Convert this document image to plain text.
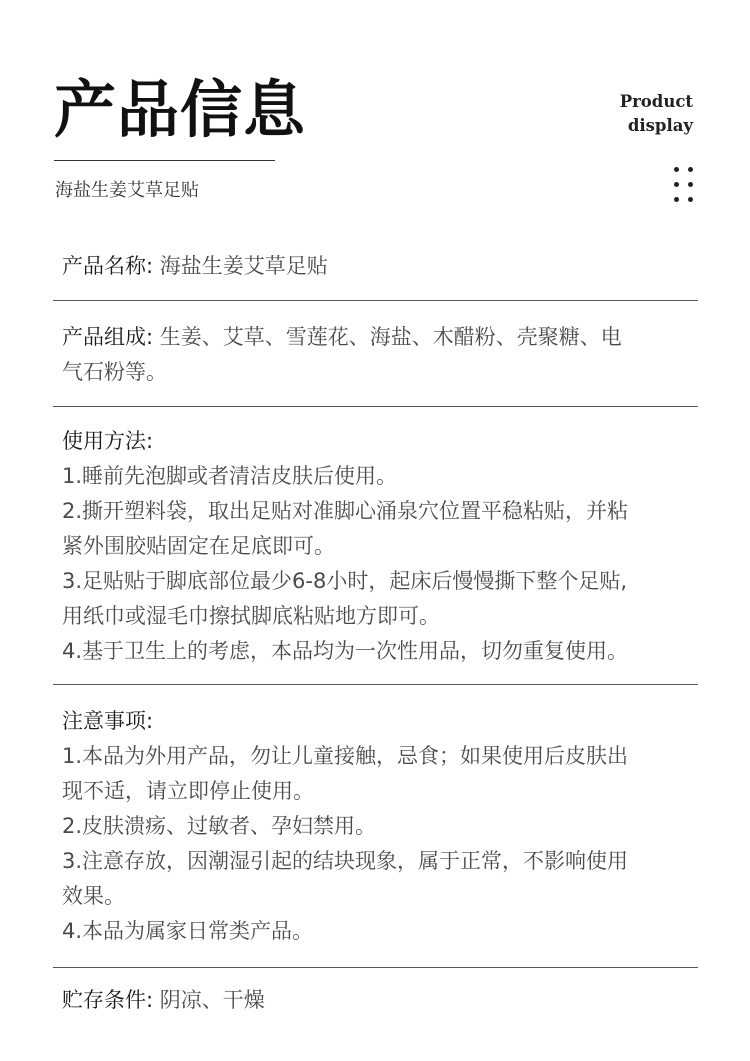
产品信息
海盐生姜艾草足贴
Product
display
产品名称: 海盐生姜艾草足贴
产品组成: 生姜、艾草、雪莲花、海盐、木醋粉、壳聚糖、电
气石粉等。
使用方法:
1.睡前先泡脚或者清洁皮肤后使用。
2.撕开塑料袋，取出足贴对准脚心涌泉穴位置平稳粘贴，并粘
紧外围胶贴固定在足底即可。
3.足贴贴于脚底部位最少6-8小时，起床后慢慢撕下整个足贴,
用纸巾或湿毛巾擦拭脚底粘贴地方即可。
4.基于卫生上的考虑，本品均为一次性用品，切勿重复使用。
注意事项:
1.本品为外用产品，勿让儿童接触，忌食；如果使用后皮肤出
现不适，请立即停止使用。
2.皮肤溃疡、过敏者、孕妇禁用。
3.注意存放，因潮湿引起的结块现象，属于正常，不影响使用
效果。
4.本品为属家日常类产品。
贮存条件: 阴凉、干燥
